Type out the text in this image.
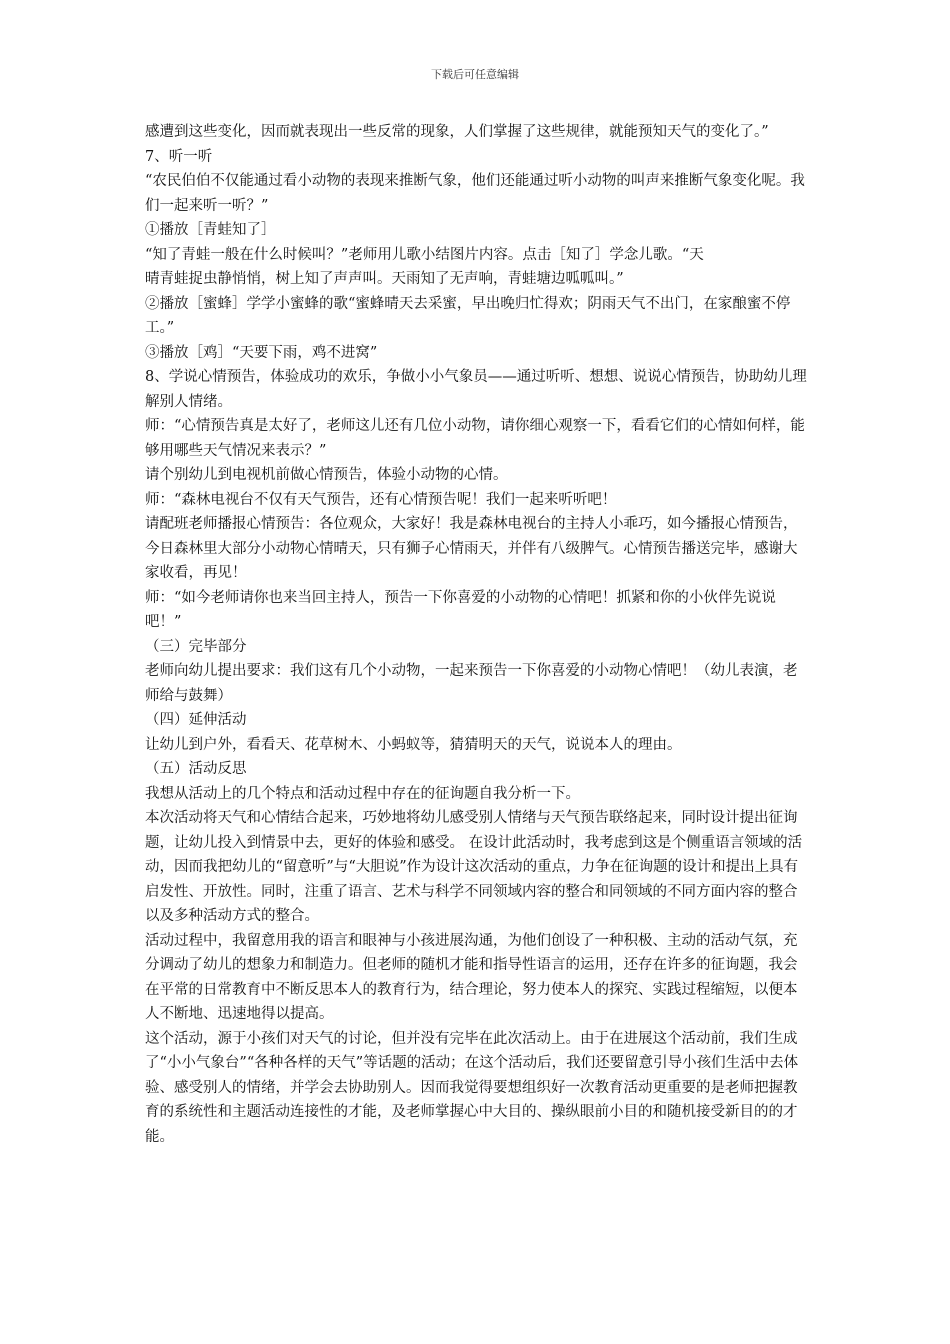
下载后可任意编辑

感遭到这些变化，因而就表现出一些反常的现象，人们掌握了这些规律，就能预知天气的变化了。”

7、听一听

“农民伯伯不仅能通过看小动物的表现来推断气象，他们还能通过听小动物的叫声来推断气象变化呢。我们一起来听一听？”

①播放［青蛙知了］

“知了青蛙一般在什么时候叫？”老师用儿歌小结图片内容。点击［知了］学念儿歌。“天

晴青蛙捉虫静悄悄，树上知了声声叫。天雨知了无声响，青蛙塘边呱呱叫。”

②播放［蜜蜂］学学小蜜蜂的歌“蜜蜂晴天去采蜜，早出晚归忙得欢；阴雨天气不出门，在家酿蜜不停工。”

③播放［鸡］“天要下雨，鸡不进窝”

8、学说心情预告，体验成功的欢乐，争做小小气象员——通过听听、想想、说说心情预告，协助幼儿理解别人情绪。

师：“心情预告真是太好了，老师这儿还有几位小动物，请你细心观察一下，看看它们的心情如何样，能够用哪些天气情况来表示？”

请个别幼儿到电视机前做心情预告，体验小动物的心情。

师：“森林电视台不仅有天气预告，还有心情预告呢！我们一起来听听吧！

请配班老师播报心情预告：各位观众，大家好！我是森林电视台的主持人小乖巧，如今播报心情预告，今日森林里大部分小动物心情晴天，只有狮子心情雨天，并伴有八级脾气。心情预告播送完毕，感谢大家收看，再见！

师：“如今老师请你也来当回主持人，预告一下你喜爱的小动物的心情吧！抓紧和你的小伙伴先说说吧！”

（三）完毕部分

老师向幼儿提出要求：我们这有几个小动物，一起来预告一下你喜爱的小动物心情吧！（幼儿表演，老师给与鼓舞）

（四）延伸活动

让幼儿到户外，看看天、花草树木、小蚂蚁等，猜猜明天的天气，说说本人的理由。

（五）活动反思

我想从活动上的几个特点和活动过程中存在的征询题自我分析一下。

本次活动将天气和心情结合起来，巧妙地将幼儿感受别人情绪与天气预告联络起来，同时设计提出征询题，让幼儿投入到情景中去，更好的体验和感受。 在设计此活动时，我考虑到这是个侧重语言领域的活动，因而我把幼儿的“留意听”与“大胆说”作为设计这次活动的重点，力争在征询题的设计和提出上具有启发性、开放性。同时，注重了语言、艺术与科学不同领域内容的整合和同领域的不同方面内容的整合以及多种活动方式的整合。

活动过程中，我留意用我的语言和眼神与小孩进展沟通，为他们创设了一种积极、主动的活动气氛，充分调动了幼儿的想象力和制造力。但老师的随机才能和指导性语言的运用，还存在许多的征询题，我会在平常的日常教育中不断反思本人的教育行为，结合理论，努力使本人的探究、实践过程缩短，以便本人不断地、迅速地得以提高。

这个活动，源于小孩们对天气的讨论，但并没有完毕在此次活动上。由于在进展这个活动前，我们生成了“小小气象台”“各种各样的天气”等话题的活动；在这个活动后，我们还要留意引导小孩们生活中去体验、感受别人的情绪，并学会去协助别人。因而我觉得要想组织好一次教育活动更重要的是老师把握教育的系统性和主题活动连接性的才能，及老师掌握心中大目的、操纵眼前小目的和随机接受新目的的才能。
